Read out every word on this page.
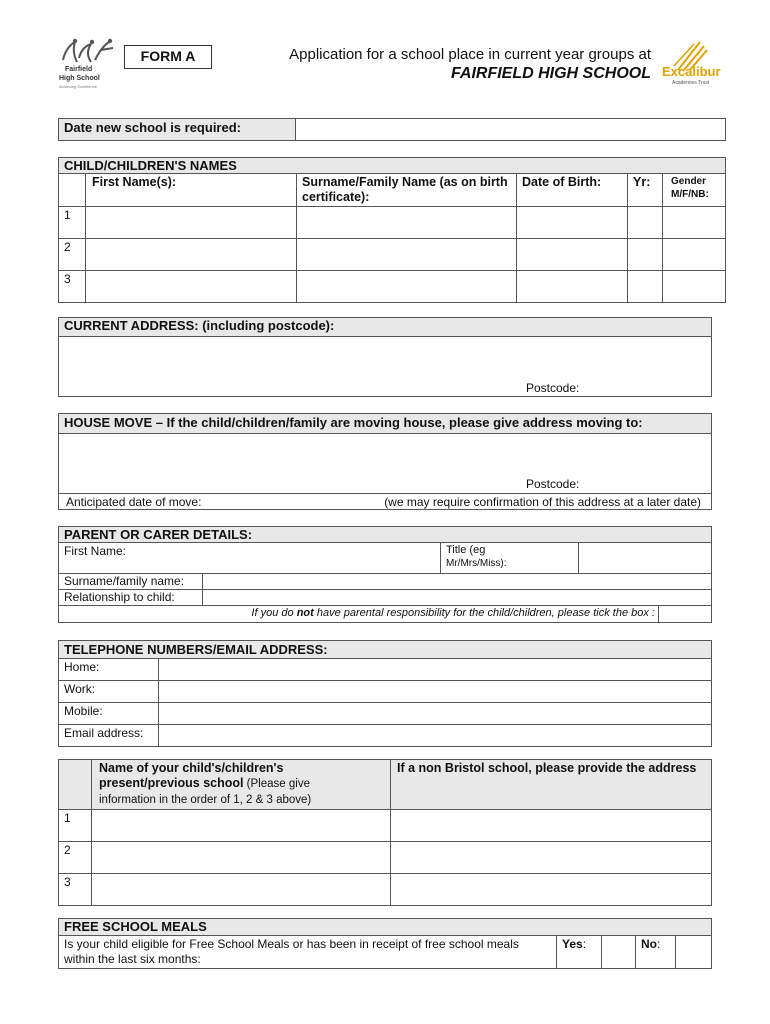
Fairfield
High School
Achieving Excellence
FORM A	Application for a school place in current year groups at
FAIRFIELD HIGH SCHOOL Excalibur
Academies Trust
Date new school is required:	
CHILD/CHILDREN'S NAMES					
	First Name(s):	Surname/Family Name (as on birth certificate):	Date of Birth:	Yr:	Gender
M/F/NB:
1					
2					
3					
CURRENT ADDRESS: (including postcode):
Postcode:
HOUSE MOVE – If the child/children/family are moving house, please give address moving to:
Postcode:
Anticipated date of move:	(we may require confirmation of this address at a later date)
PARENT OR CARER DETAILS:			
First Name:		Title (eg
Mr/Mrs/Miss):	
Surname/family name:			
Relationship to child:			
If you do not have parental responsibility for the child/children, please tick the box :			
TELEPHONE NUMBERS/EMAIL ADDRESS:	
Home:	
Work:	
Mobile:	
Email address:	
	Name of your child's/children's present/previous school (Please give information in the order of 1, 2 & 3 above)	If a non Bristol school, please provide the address
1		
2		
3		
FREE SCHOOL MEALS
Is your child eligible for Free School Meals or has been in receipt of free school meals within the last six months:	Yes:		No:	
